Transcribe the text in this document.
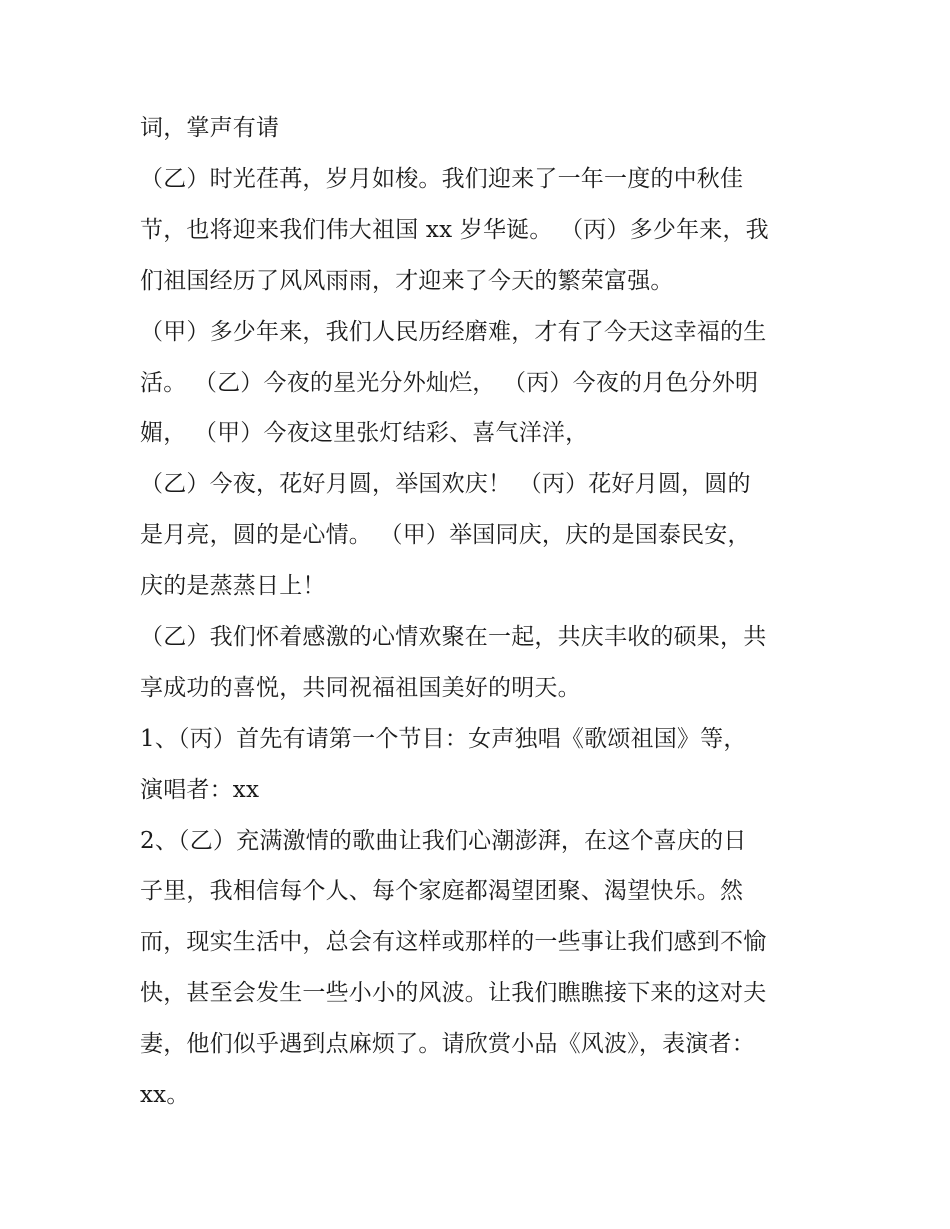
词，掌声有请
（乙）时光荏苒，岁月如梭。我们迎来了一年一度的中秋佳
节，也将迎来我们伟大祖国 xx 岁华诞。 （丙）多少年来，我
们祖国经历了风风雨雨，才迎来了今天的繁荣富强。
（甲）多少年来，我们人民历经磨难，才有了今天这幸福的生
活。 （乙）今夜的星光分外灿烂， （丙）今夜的月色分外明
媚， （甲）今夜这里张灯结彩、喜气洋洋，
（乙）今夜，花好月圆，举国欢庆！ （丙）花好月圆，圆的
是月亮，圆的是心情。 （甲）举国同庆，庆的是国泰民安，
庆的是蒸蒸日上！
（乙）我们怀着感激的心情欢聚在一起，共庆丰收的硕果，共
享成功的喜悦，共同祝福祖国美好的明天。
1、（丙）首先有请第一个节目：女声独唱《歌颂祖国》等，
演唱者：xx
2、（乙）充满激情的歌曲让我们心潮澎湃，在这个喜庆的日
子里，我相信每个人、每个家庭都渴望团聚、渴望快乐。然
而，现实生活中，总会有这样或那样的一些事让我们感到不愉
快，甚至会发生一些小小的风波。让我们瞧瞧接下来的这对夫
妻，他们似乎遇到点麻烦了。请欣赏小品《风波》，表演者：
xx。
